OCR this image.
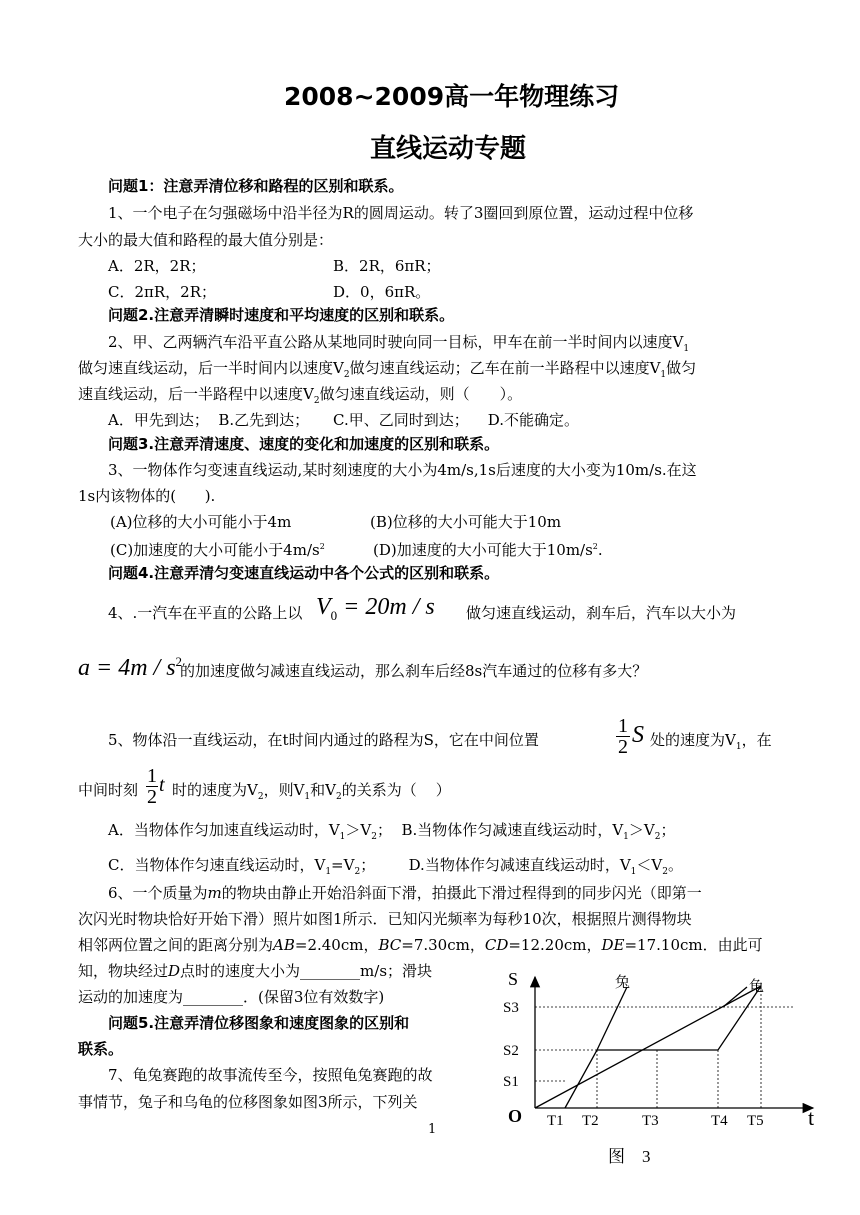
2008~2009高一年物理练习
直线运动专题
问题1：注意弄清位移和路程的区别和联系。
1、一个电子在匀强磁场中沿半径为R的圆周运动。转了3圈回到原位置，运动过程中位移
大小的最大值和路程的最大值分别是：
A．2R，2R；	B．2R，6πR；
C．2πR，2R；	D．0，6πR。
问题2.注意弄清瞬时速度和平均速度的区别和联系。
2、甲、乙两辆汽车沿平直公路从某地同时驶向同一目标，甲车在前一半时间内以速度$V_1$
做匀速直线运动，后一半时间内以速度$V_2$做匀速直线运动；乙车在前一半路程中以速度$V_1$做匀
速直线运动，后一半路程中以速度$V_2$做匀速直线运动，则（　　）。
A．甲先到达；  B.乙先到达；     C.甲、乙同时到达；    D.不能确定。
问题3.注意弄清速度、速度的变化和加速度的区别和联系。
3、一物体作匀变速直线运动,某时刻速度的大小为4m/s,1s后速度的大小变为10m/s.在这
1s内该物体的(      ).
(A)位移的大小可能小于4m	(B)位移的大小可能大于10m
(C)加速度的大小可能小于$4m/s^2$	(D)加速度的大小可能大于$10m/s^2$.
问题4.注意弄清匀变速直线运动中各个公式的区别和联系。
4、.一汽车在平直的公路上以 $V_0 = 20m / s$ 做匀速直线运动，刹车后，汽车以大小为
$a = 4m / s^2$
的加速度做匀减速直线运动，那么刹车后经8s汽车通过的位移有多大？
5、物体沿一直线运动，在t时间内通过的路程为S，它在中间位置	$\frac{1}{2}$ S 处的速度为$V_1$，在
中间时刻 $\frac{1}{2}$ t 时的速度为$V_2$，则$V_1$和$V_2$的关系为（    ）
A．当物体作匀加速直线运动时，$V_1>V_2$；  B.当物体作匀减速直线运动时，$V_1>V_2$；
C．当物体作匀速直线运动时，$V_1=V_2$；       D.当物体作匀减速直线运动时，$V_1<V_2$。
6、一个质量为m的物块由静止开始沿斜面下滑，拍摄此下滑过程得到的同步闪光（即第一
次闪光时物块恰好开始下滑）照片如图1所示．已知闪光频率为每秒10次，根据照片测得物块
相邻两位置之间的距离分别为AB=2.40cm，BC=7.30cm，CD=12.20cm，DE=17.10cm．由此可
知，物块经过D点时的速度大小为________m/s；滑块
运动的加速度为________．(保留3位有效数字)
问题5.注意弄清位移图象和速度图象的区别和
联系。
7、龟兔赛跑的故事流传至今，按照龟兔赛跑的故
事情节，兔子和乌龟的位移图象如图3所示，下列关
1
兔	龟
S
t
O
S3
S2
S1
T1 T2	T3	T4 T5
图　3
